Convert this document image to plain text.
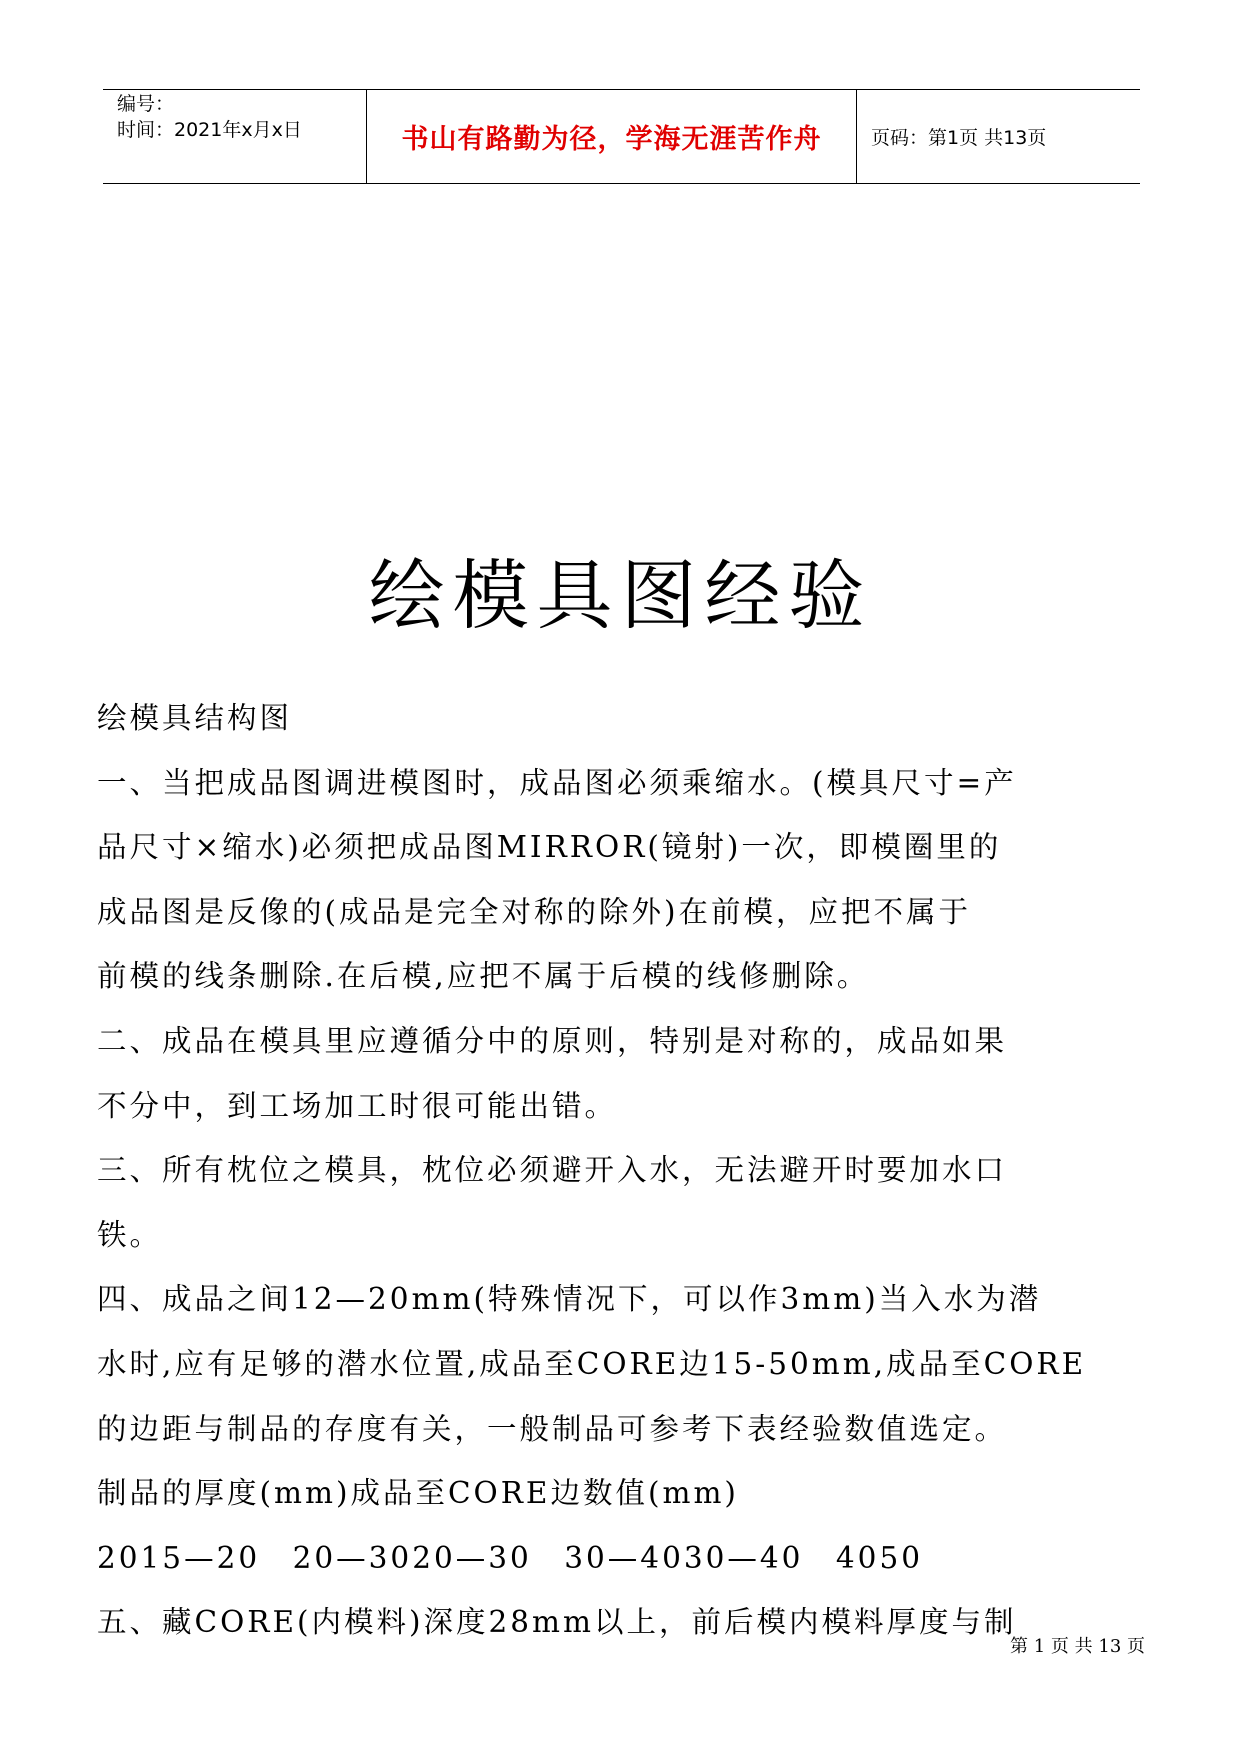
编号：
时间：2021年x月x日	书山有路勤为径，学海无涯苦作舟	页码：第1页 共13页
绘模具图经验

绘模具结构图

一、当把成品图调进模图时，成品图必须乘缩水。(模具尺寸=产

品尺寸×缩水)必须把成品图MIRROR(镜射)一次，即模圈里的

成品图是反像的(成品是完全对称的除外)在前模，应把不属于

前模的线条删除.在后模,应把不属于后模的线修删除。

二、成品在模具里应遵循分中的原则，特别是对称的，成品如果

不分中，到工场加工时很可能出错。

三、所有枕位之模具，枕位必须避开入水，无法避开时要加水口

铁。

四、成品之间12—20mm(特殊情况下，可以作3mm)当入水为潜

水时,应有足够的潜水位置,成品至CORE边15-50mm,成品至CORE

的边距与制品的存度有关，一般制品可参考下表经验数值选定。

制品的厚度(mm)成品至CORE边数值(mm)

2015—20　20—3020—30　30—4030—40　4050

五、藏CORE(内模料)深度28mm以上，前后模内模料厚度与制

第 1 页 共 13 页
